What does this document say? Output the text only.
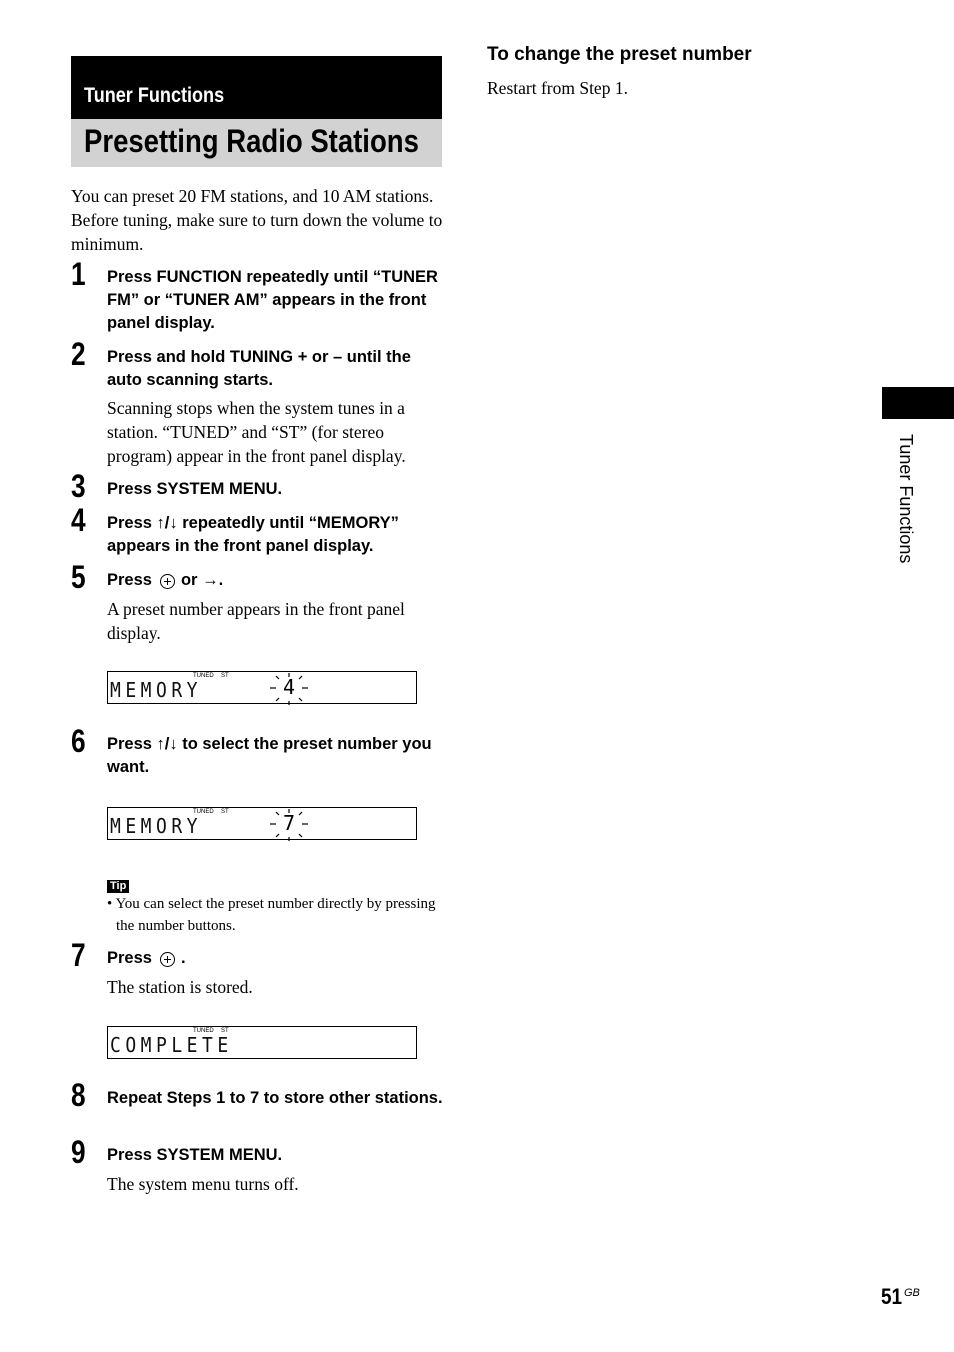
Tuner Functions
Presetting Radio Stations
You can preset 20 FM stations, and 10 AM stations. Before tuning, make sure to turn down the volume to minimum.
1 Press FUNCTION repeatedly until “TUNER FM” or “TUNER AM” appears in the front panel display.
2 Press and hold TUNING + or – until the auto scanning starts.
Scanning stops when the system tunes in a station. “TUNED” and “ST” (for stereo program) appear in the front panel display.
3 Press SYSTEM MENU.
4 Press ↑/↓ repeatedly until “MEMORY” appears in the front panel display.
5 Press or →.
A preset number appears in the front panel display.
TUNED ST
MEMORY	4
6 Press ↑/↓ to select the preset number you want.
TUNED ST
MEMORY	7
Tip
• You can select the preset number directly by pressing the number buttons.
7 Press .
The station is stored.
TUNED ST
COMPLETE
8 Repeat Steps 1 to 7 to store other stations.
9 Press SYSTEM MENU.
The system menu turns off.
To change the preset number
Restart from Step 1.
Tuner Functions
51 GB
